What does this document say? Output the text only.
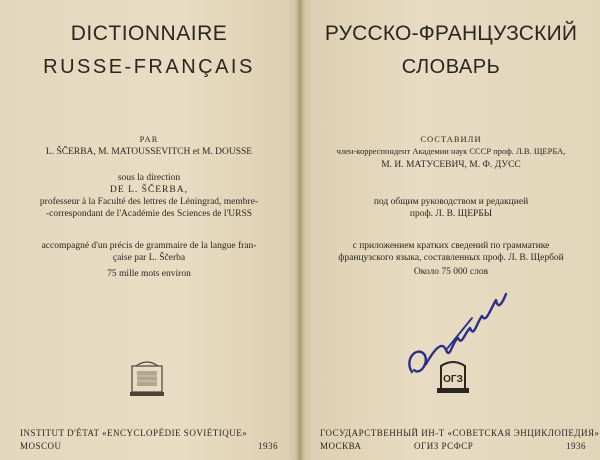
DICTIONNAIRE
RUSSE-FRANÇAIS
PAR
L. ŠČERBA, M. MATOUSSEVITCH et M. DOUSSE
sous la direction
DE L. ŠČERBA,
professeur à la Faculté des lettres de Léningrad, membre-
-correspondant de l'Académie des Sciences de l'URSS
accompagné d'un précis de grammaire de la langue fran-
çaise par L. Ščerba
75 mille mots environ
INSTITUT D'ÉTAT «ENCYCLOPÉDIE SOVIÉTIQUE»
MOSCOU	1936
РУССКО-ФРАНЦУЗСКИЙ
СЛОВАРЬ
СОСТАВИЛИ
член-корреспондент Академии наук СССР проф. Л.В. ЩЕРБА,
М. И. МАТУСЕВИЧ, М. Ф. ДУСС
под общим руководством и редакцией
проф. Л. В. ЩЕРБЫ
с приложением кратких сведений по грамматике
французского языка, составленных проф. Л. В. Щербой
Около 75 000 слов
ОГЗ
ГОСУДАРСТВЕННЫЙ ИН-Т «СОВЕТСКАЯ ЭНЦИКЛОПЕДИЯ»
МОСКВА	ОГИЗ РСФСР	1936
